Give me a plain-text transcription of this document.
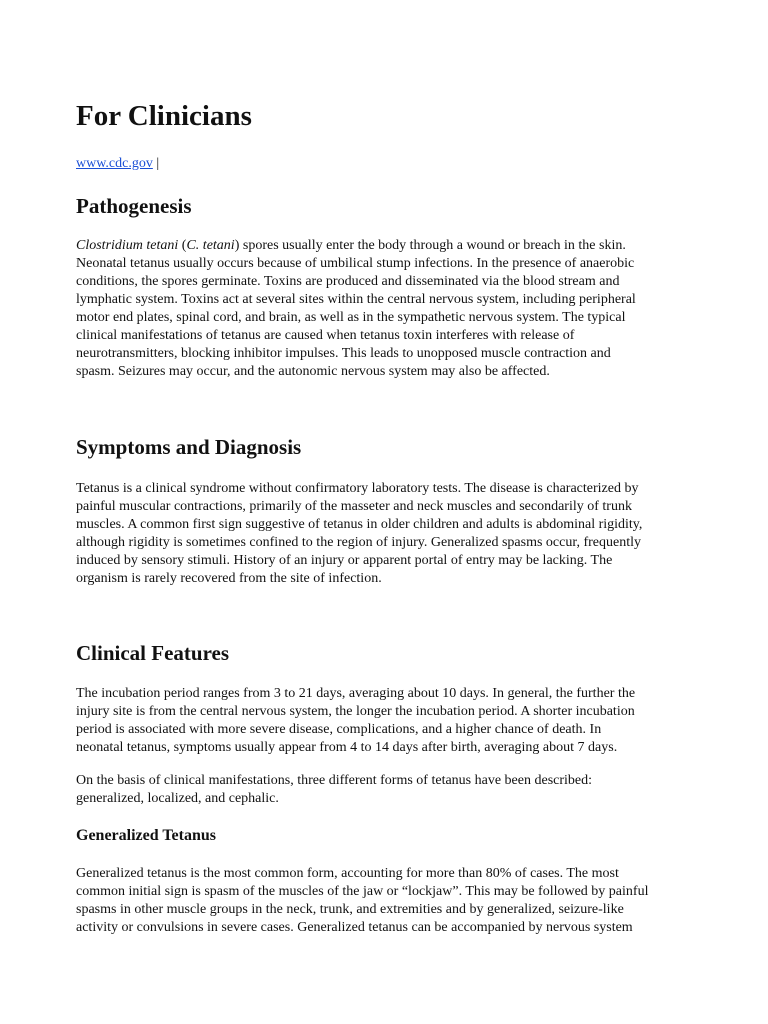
For Clinicians

www.cdc.gov |

Pathogenesis
Clostridium tetani (C. tetani) spores usually enter the body through a wound or breach in the skin.
Neonatal tetanus usually occurs because of umbilical stump infections. In the presence of anaerobic
conditions, the spores germinate. Toxins are produced and disseminated via the blood stream and
lymphatic system. Toxins act at several sites within the central nervous system, including peripheral
motor end plates, spinal cord, and brain, as well as in the sympathetic nervous system. The typical
clinical manifestations of tetanus are caused when tetanus toxin interferes with release of
neurotransmitters, blocking inhibitor impulses. This leads to unopposed muscle contraction and
spasm. Seizures may occur, and the autonomic nervous system may also be affected.
Symptoms and Diagnosis
Tetanus is a clinical syndrome without confirmatory laboratory tests. The disease is characterized by
painful muscular contractions, primarily of the masseter and neck muscles and secondarily of trunk
muscles. A common first sign suggestive of tetanus in older children and adults is abdominal rigidity,
although rigidity is sometimes confined to the region of injury. Generalized spasms occur, frequently
induced by sensory stimuli. History of an injury or apparent portal of entry may be lacking. The
organism is rarely recovered from the site of infection.
Clinical Features
The incubation period ranges from 3 to 21 days, averaging about 10 days. In general, the further the
injury site is from the central nervous system, the longer the incubation period. A shorter incubation
period is associated with more severe disease, complications, and a higher chance of death. In
neonatal tetanus, symptoms usually appear from 4 to 14 days after birth, averaging about 7 days.
On the basis of clinical manifestations, three different forms of tetanus have been described:
generalized, localized, and cephalic.
Generalized Tetanus
Generalized tetanus is the most common form, accounting for more than 80% of cases. The most
common initial sign is spasm of the muscles of the jaw or “lockjaw”. This may be followed by painful
spasms in other muscle groups in the neck, trunk, and extremities and by generalized, seizure-like
activity or convulsions in severe cases. Generalized tetanus can be accompanied by nervous system
